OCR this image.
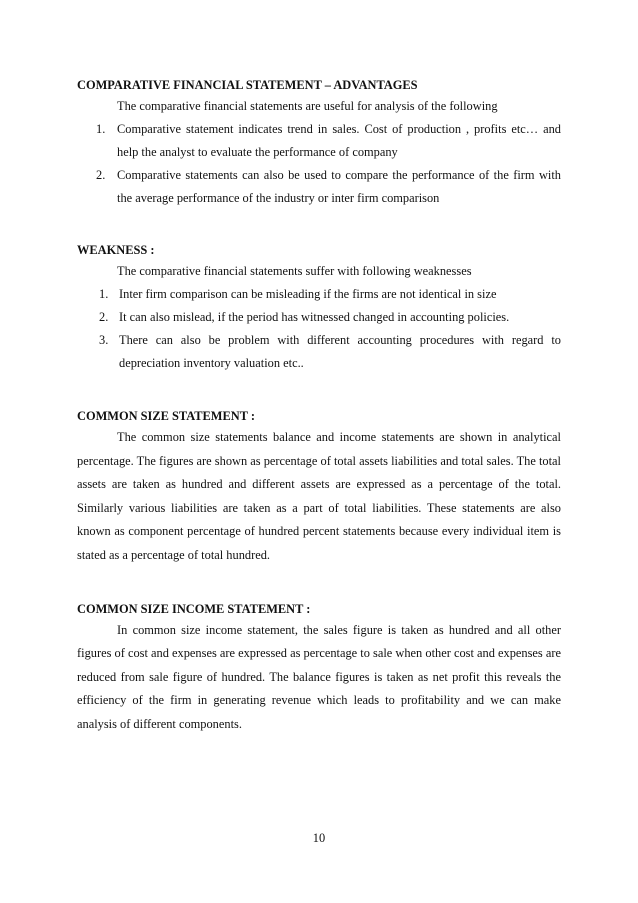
COMPARATIVE FINANCIAL STATEMENT – ADVANTAGES

The comparative financial statements are useful for analysis of the following

1. Comparative statement indicates trend in sales. Cost of production , profits etc… and help the analyst to evaluate the performance of company
2. Comparative statements can also be used to compare the performance of the firm with the average performance of the industry or inter firm comparison
WEAKNESS :

The comparative financial statements suffer with following weaknesses

1. Inter firm comparison can be misleading if the firms are not identical in size
2. It can also mislead, if the period has witnessed changed in accounting policies.
3. There can also be problem with different accounting procedures with regard to depreciation inventory valuation etc..
COMMON SIZE STATEMENT :

The common size statements balance and income statements are shown in analytical percentage. The figures are shown as percentage of total assets liabilities and total sales. The total assets are taken as hundred and different assets are expressed as a percentage of the total. Similarly various liabilities are taken as a part of total liabilities. These statements are also known as component percentage of hundred percent statements because every individual item is stated as a percentage of total hundred.

COMMON SIZE INCOME STATEMENT :

In common size income statement, the sales figure is taken as hundred and all other figures of cost and expenses are expressed as percentage to sale when other cost and expenses are reduced from sale figure of hundred. The balance figures is taken as net profit this reveals the efficiency of the firm in generating revenue which leads to profitability and we can make analysis of different components.

10
